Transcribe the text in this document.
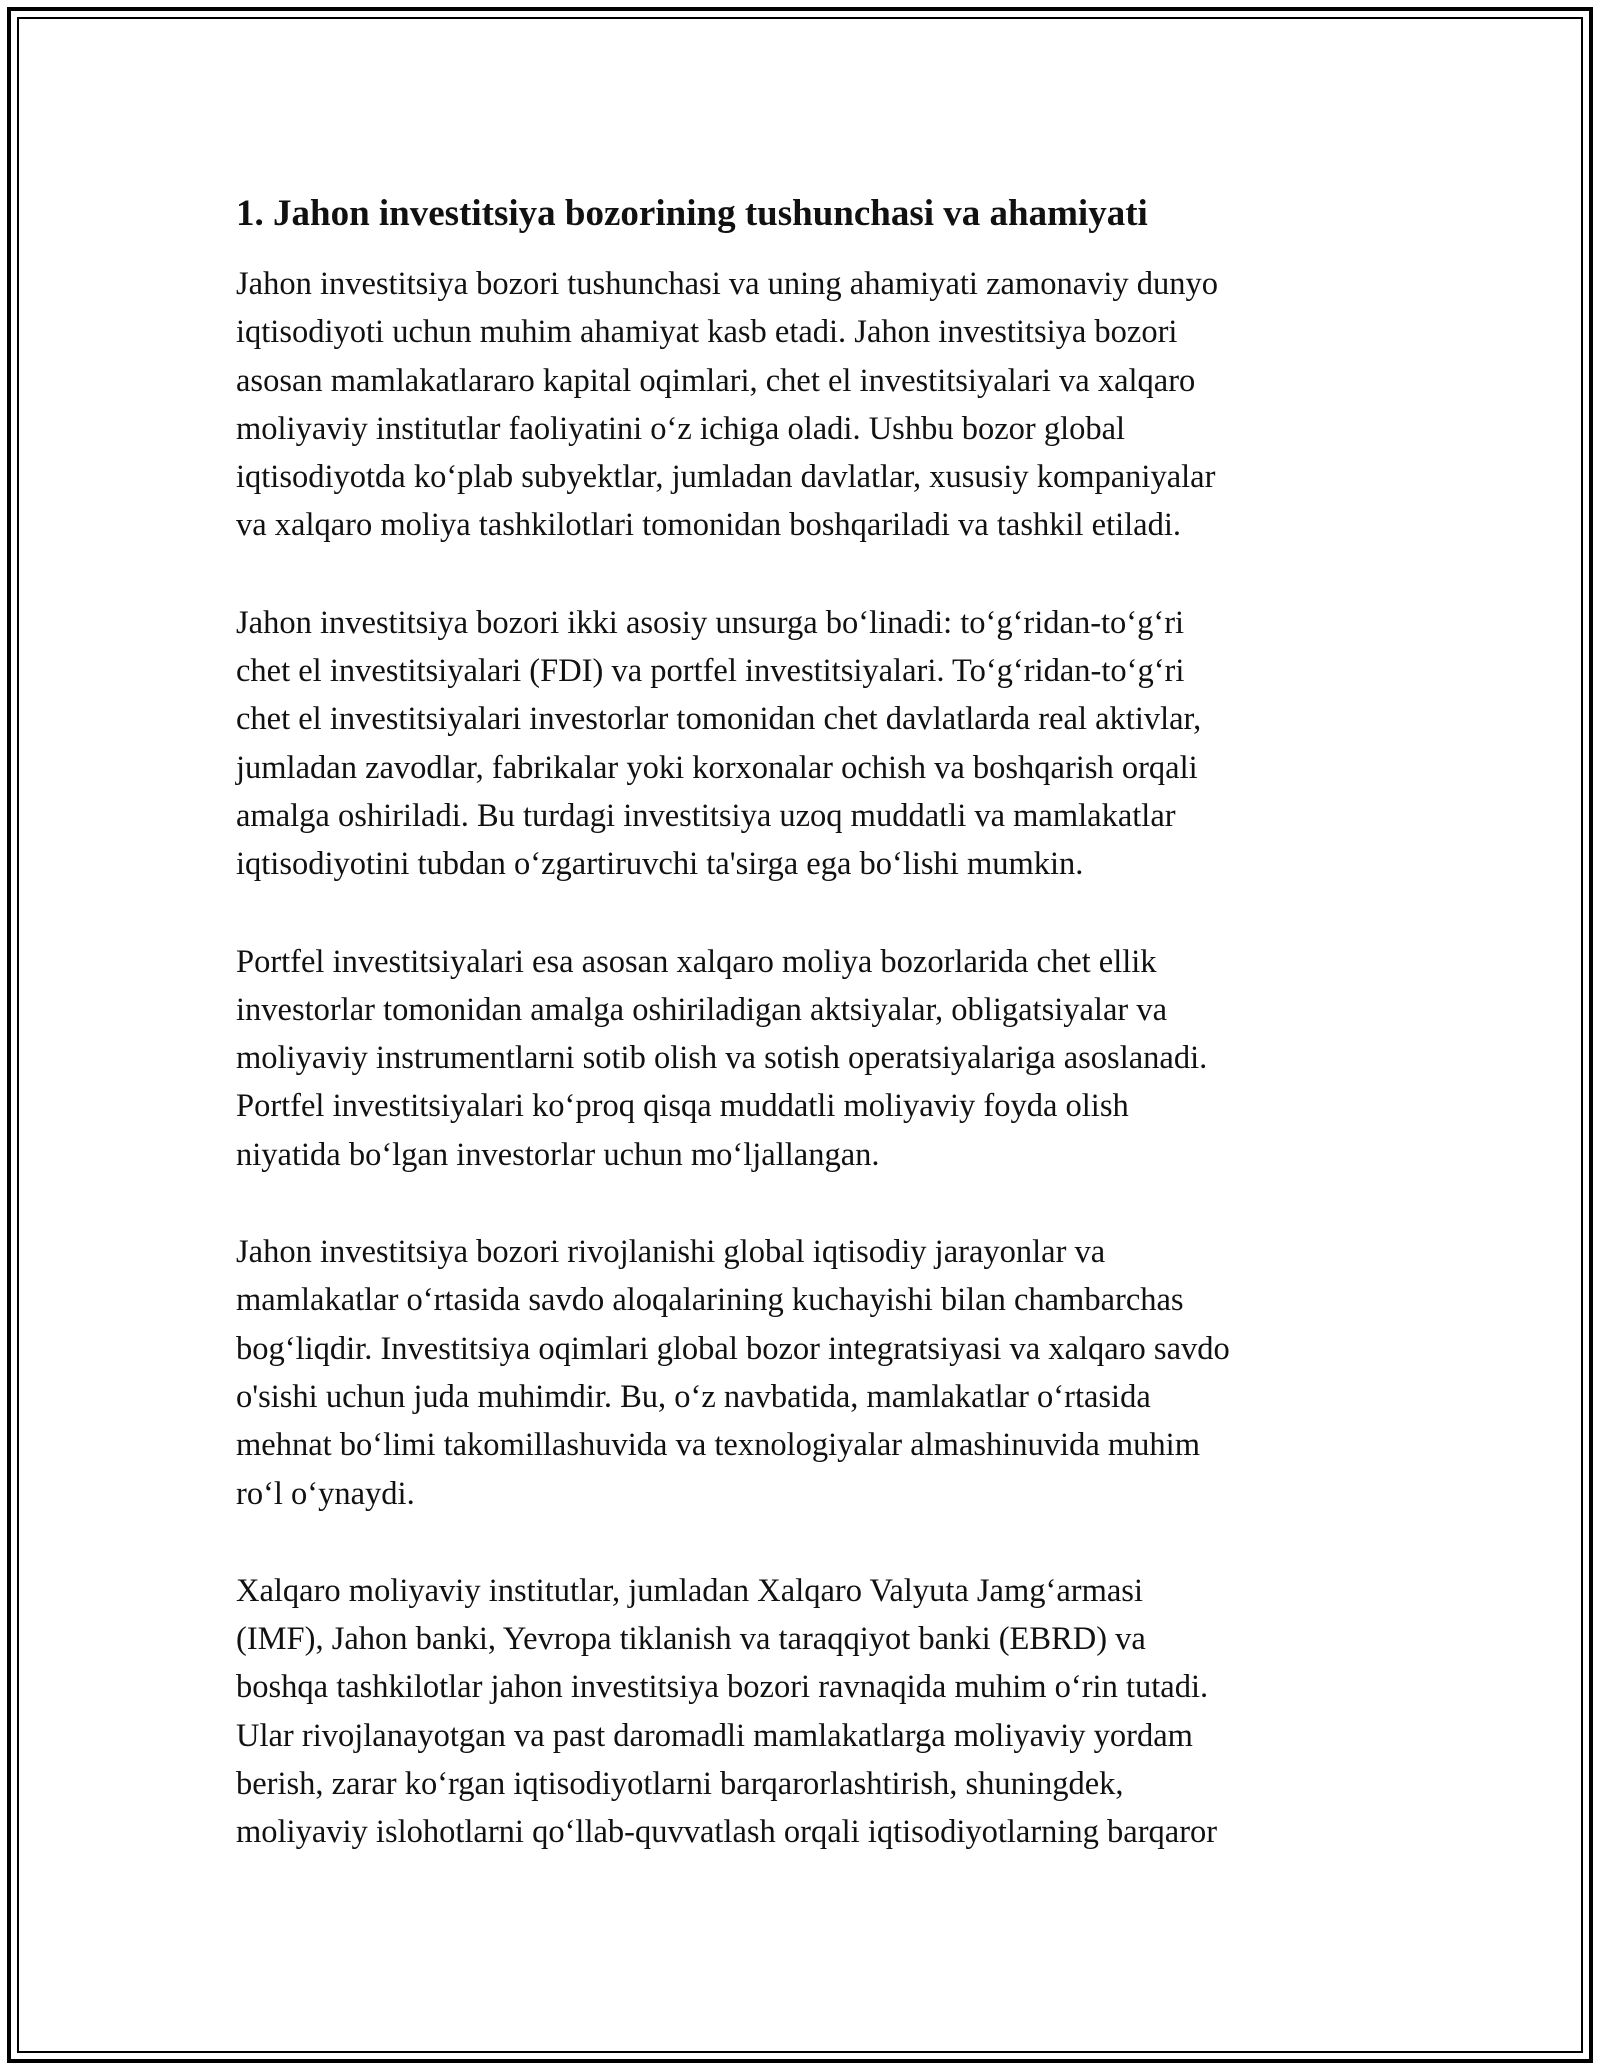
1. Jahon investitsiya bozorining tushunchasi va ahamiyati

Jahon investitsiya bozori tushunchasi va uning ahamiyati zamonaviy dunyo
iqtisodiyoti uchun muhim ahamiyat kasb etadi. Jahon investitsiya bozori
asosan mamlakatlararo kapital oqimlari, chet el investitsiyalari va xalqaro
moliyaviy institutlar faoliyatini o‘z ichiga oladi. Ushbu bozor global
iqtisodiyotda ko‘plab subyektlar, jumladan davlatlar, xususiy kompaniyalar
va xalqaro moliya tashkilotlari tomonidan boshqariladi va tashkil etiladi.

Jahon investitsiya bozori ikki asosiy unsurga bo‘linadi: to‘g‘ridan-to‘g‘ri
chet el investitsiyalari (FDI) va portfel investitsiyalari. To‘g‘ridan-to‘g‘ri
chet el investitsiyalari investorlar tomonidan chet davlatlarda real aktivlar,
jumladan zavodlar, fabrikalar yoki korxonalar ochish va boshqarish orqali
amalga oshiriladi. Bu turdagi investitsiya uzoq muddatli va mamlakatlar
iqtisodiyotini tubdan o‘zgartiruvchi ta'sirga ega bo‘lishi mumkin.

Portfel investitsiyalari esa asosan xalqaro moliya bozorlarida chet ellik
investorlar tomonidan amalga oshiriladigan aktsiyalar, obligatsiyalar va
moliyaviy instrumentlarni sotib olish va sotish operatsiyalariga asoslanadi.
Portfel investitsiyalari ko‘proq qisqa muddatli moliyaviy foyda olish
niyatida bo‘lgan investorlar uchun mo‘ljallangan.

Jahon investitsiya bozori rivojlanishi global iqtisodiy jarayonlar va
mamlakatlar o‘rtasida savdo aloqalarining kuchayishi bilan chambarchas
bog‘liqdir. Investitsiya oqimlari global bozor integratsiyasi va xalqaro savdo
o'sishi uchun juda muhimdir. Bu, o‘z navbatida, mamlakatlar o‘rtasida
mehnat bo‘limi takomillashuvida va texnologiyalar almashinuvida muhim
ro‘l o‘ynaydi.

Xalqaro moliyaviy institutlar, jumladan Xalqaro Valyuta Jamg‘armasi
(IMF), Jahon banki, Yevropa tiklanish va taraqqiyot banki (EBRD) va
boshqa tashkilotlar jahon investitsiya bozori ravnaqida muhim o‘rin tutadi.
Ular rivojlanayotgan va past daromadli mamlakatlarga moliyaviy yordam
berish, zarar ko‘rgan iqtisodiyotlarni barqarorlashtirish, shuningdek,
moliyaviy islohotlarni qo‘llab-quvvatlash orqali iqtisodiyotlarning barqaror
